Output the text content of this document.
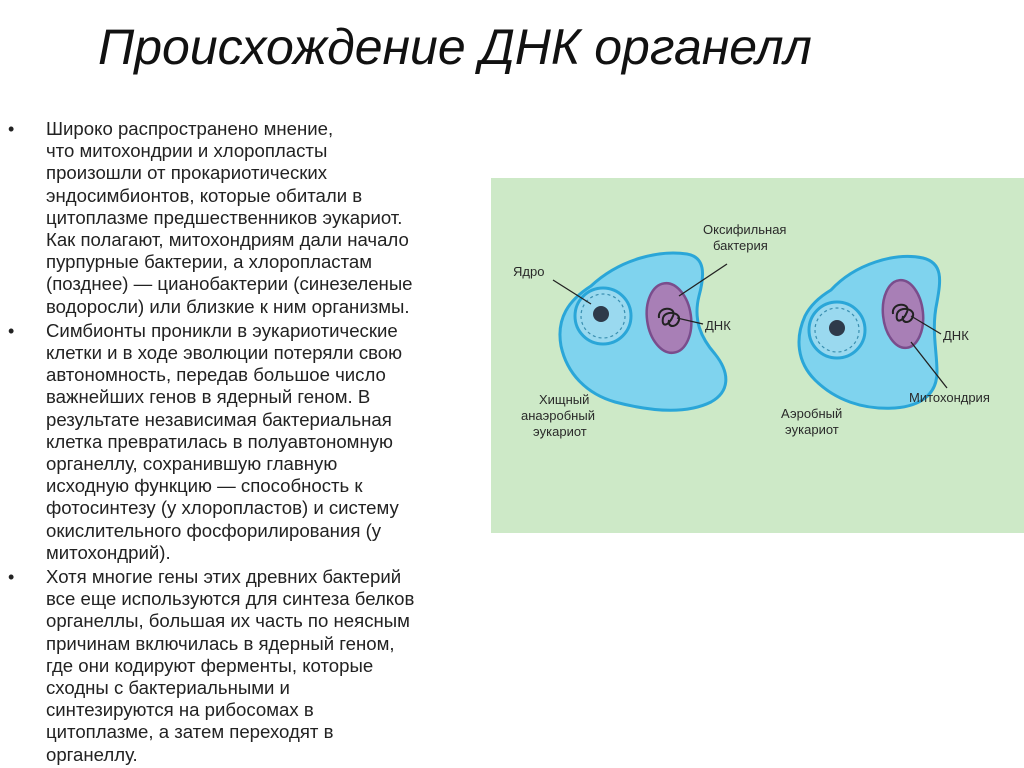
Происхождение ДНК органелл
•	Широко распространено мнение,
что митохондрии и хлоропласты
произошли от прокариотических
эндосимбионтов, которые обитали в
цитоплазме предшественников эукариот.
Как полагают, митохондриям дали начало
пурпурные бактерии, а хлоропластам
(позднее) — цианобактерии (синезеленые
водоросли) или близкие к ним организмы.
•	Симбионты проникли в эукариотические
клетки и в ходе эволюции потеряли свою
автономность, передав большое число
важнейших генов в ядерный геном. В
результате независимая бактериальная
клетка превратилась в полуавтономную
органеллу, сохранившую главную
исходную функцию — способность к
фотосинтезу (у хлоропластов) и систему
окислительного фосфорилирования (у
митохондрий).
•	Хотя многие гены этих древних бактерий
все еще используются для синтеза белков
органеллы, большая их часть по неясным
причинам включилась в ядерный геном,
где они кодируют ферменты, которые
сходны с бактериальными и
синтезируются на рибосомах в
цитоплазме, а затем переходят в
органеллу.
Ядро
Оксифильная
бактерия
ДНК
Хищный
анаэробный
эукариот
ДНК
Митохондрия
Аэробный
эукариот
